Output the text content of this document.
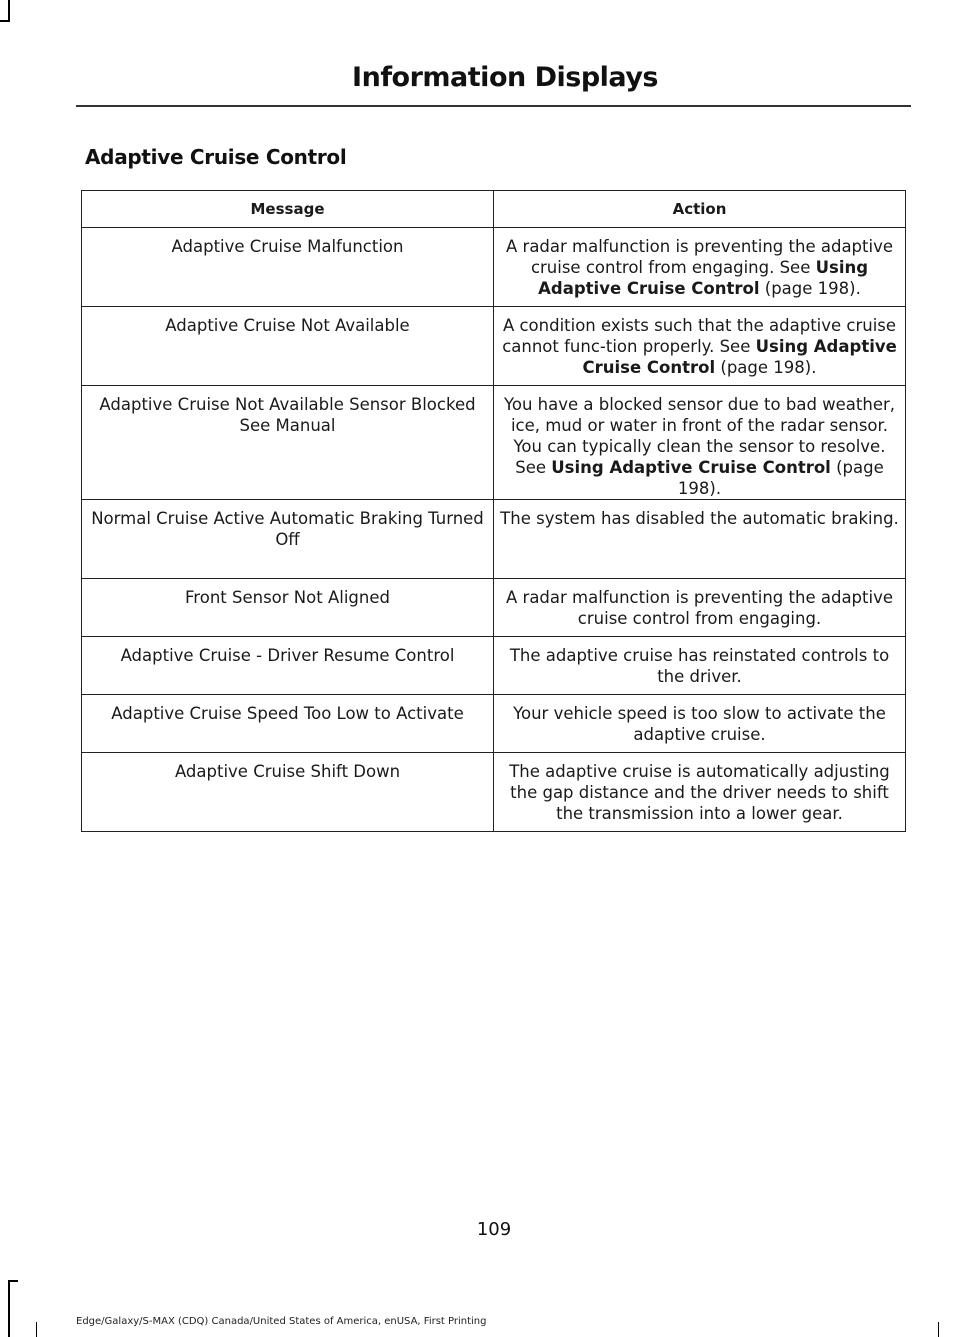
Information Displays
Adaptive Cruise Control
Message	Action
Adaptive Cruise Malfunction	A radar malfunction is preventing the adaptive cruise control from engaging. See Using Adaptive Cruise Control (page 198).
Adaptive Cruise Not Available	A condition exists such that the adaptive cruise cannot func-tion properly. See Using Adaptive Cruise Control (page 198).
Adaptive Cruise Not Available Sensor Blocked See Manual	You have a blocked sensor due to bad weather, ice, mud or water in front of the radar sensor. You can typically clean the sensor to resolve. See Using Adaptive Cruise Control (page 198).
Normal Cruise Active Automatic Braking Turned Off	The system has disabled the automatic braking.
Front Sensor Not Aligned	A radar malfunction is preventing the adaptive cruise control from engaging.
Adaptive Cruise - Driver Resume Control	The adaptive cruise has reinstated controls to the driver.
Adaptive Cruise Speed Too Low to Activate	Your vehicle speed is too slow to activate the adaptive cruise.
Adaptive Cruise Shift Down	The adaptive cruise is automatically adjusting the gap distance and the driver needs to shift the transmission into a lower gear.
109
Edge/Galaxy/S-MAX (CDQ) Canada/United States of America, enUSA, First Printing
